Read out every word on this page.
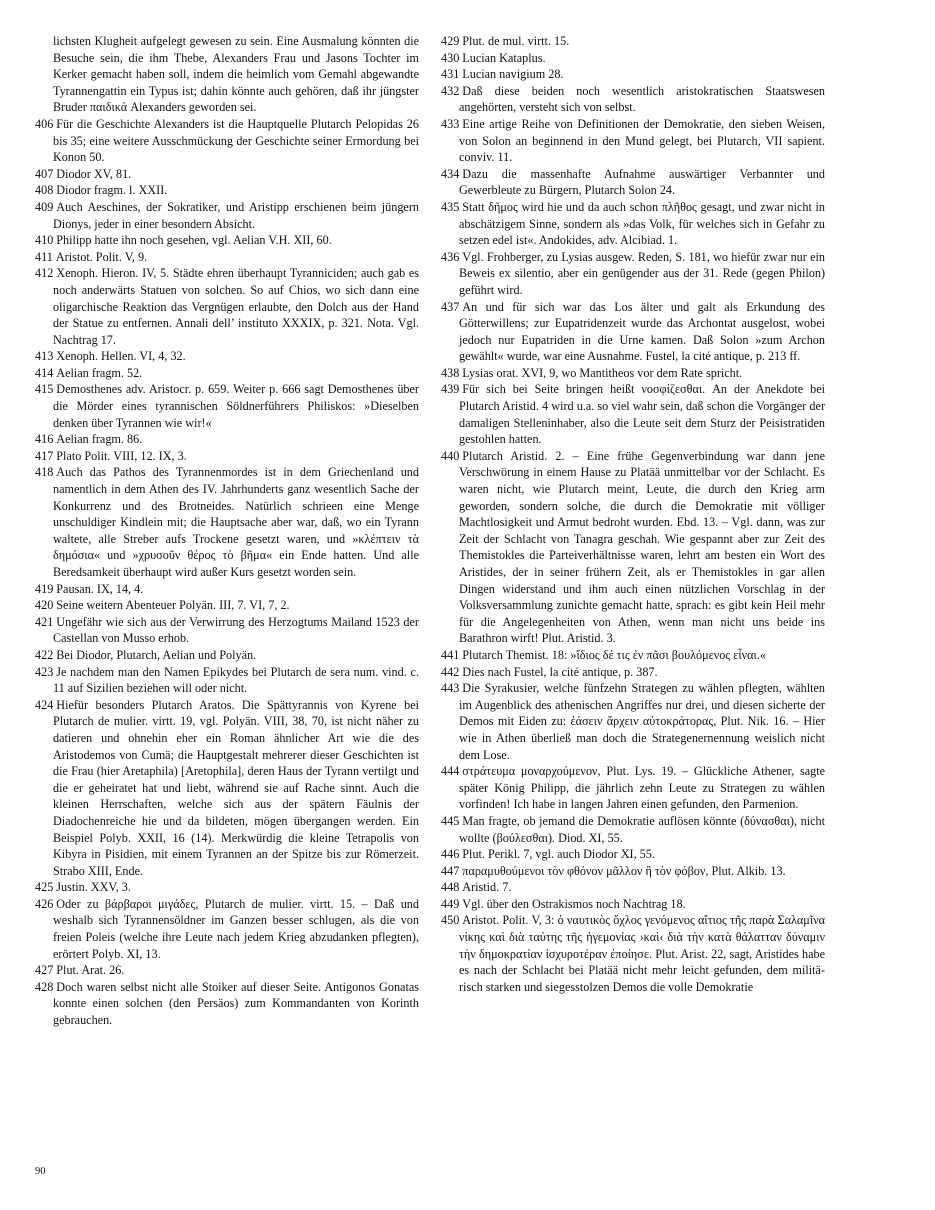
lichsten Klugheit aufgelegt gewesen zu sein. Eine Ausmalung könnten die Besuche sein, die ihm Thebe, Alexanders Frau und Jasons Tochter im Kerker gemacht haben soll, indem die heimlich vom Gemahl abgewandte Tyrannengattin ein Typus ist; dahin könnte auch gehören, daß ihr jüngster Bruder παιδικά Alexanders geworden sei.

406 Für die Geschichte Alexanders ist die Hauptquelle Plutarch Pelopidas 26 bis 35; eine weitere Ausschmückung der Geschichte seiner Ermordung bei Konon 50.

407 Diodor XV, 81.

408 Diodor fragm. l. XXII.

409 Auch Aeschines, der Sokratiker, und Aristipp erschienen beim jüngern Dionys, jeder in einer besondern Absicht.

410 Philipp hatte ihn noch gesehen, vgl. Aelian V.H. XII, 60.

411 Aristot. Polit. V, 9.

412 Xenoph. Hieron. IV, 5. Städte ehren überhaupt Tyranniciden; auch gab es noch anderwärts Statuen von solchen. So auf Chios, wo sich dann eine oligarchische Reaktion das Vergnügen erlaubte, den Dolch aus der Hand der Statue zu entfernen. Annali dell’ instituto XXXIX, p. 321. Nota. Vgl. Nachtrag 17.

413 Xenoph. Hellen. VI, 4, 32.

414 Aelian fragm. 52.

415 Demosthenes adv. Aristocr. p. 659. Weiter p. 666 sagt Demosthenes über die Mörder eines tyrannischen Söldnerführers Philiskos: »Dieselben denken über Tyrannen wie wir!«

416 Aelian fragm. 86.

417 Plato Polit. VIII, 12. IX, 3.

418 Auch das Pathos des Tyrannenmordes ist in dem Griechenland und namentlich in dem Athen des IV. Jahrhunderts ganz wesentlich Sache der Konkurrenz und des Brotneides. Natürlich schrieen eine Menge unschuldiger Kindlein mit; die Hauptsache aber war, daß, wo ein Tyrann waltete, alle Streber aufs Trockene gesetzt waren, und »κλέπτειν τὰ δημόσια« und »χρυσοῦν θέρος τὸ βῆμα« ein Ende hatten. Und alle Beredsamkeit überhaupt wird außer Kurs gesetzt worden sein.

419 Pausan. IX, 14, 4.

420 Seine weitern Abenteuer Polyän. III, 7. VI, 7, 2.

421 Ungefähr wie sich aus der Verwirrung des Herzogtums Mailand 1523 der Castellan von Musso erhob.

422 Bei Diodor, Plutarch, Aelian und Polyän.

423 Je nachdem man den Namen Epikydes bei Plutarch de sera num. vind. c. 11 auf Sizilien beziehen will oder nicht.

424 Hiefür besonders Plutarch Aratos. Die Spättyrannis von Kyrene bei Plutarch de mulier. virtt. 19, vgl. Polyän. VIII, 38, 70, ist nicht näher zu datieren und ohnehin eher ein Roman ähnlicher Art wie die des Aristodemos von Cumä; die Hauptgestalt mehrerer dieser Geschichten ist die Frau (hier Aretaphila) [Aretophila], deren Haus der Tyrann vertilgt und die er geheiratet hat und liebt, während sie auf Rache sinnt. Auch die kleinen Herrschaften, welche sich aus der spätern Fäulnis der Diadochenreiche hie und da bildeten, mögen übergangen werden. Ein Beispiel Polyb. XXII, 16 (14). Merkwürdig die kleine Tetrapolis von Kibyra in Pisidien, mit einem Tyrannen an der Spitze bis zur Römerzeit. Strabo XIII, Ende.

425 Justin. XXV, 3.

426 Oder zu βάρβαροι μιγάδες, Plutarch de mulier. virtt. 15. – Daß und weshalb sich Tyrannensöldner im Ganzen besser schlugen, als die von freien Poleis (welche ihre Leute nach jedem Krieg abzudanken pflegten), erörtert Polyb. XI, 13.

427 Plut. Arat. 26.

428 Doch waren selbst nicht alle Stoiker auf dieser Seite. Antigonos Gonatas konnte einen solchen (den Persäos) zum Kommandanten von Korinth gebrauchen.

429 Plut. de mul. virtt. 15.

430 Lucian Kataplus.

431 Lucian navigium 28.

432 Daß diese beiden noch wesentlich aristokratischen Staatswesen angehörten, versteht sich von selbst.

433 Eine artige Reihe von Definitionen der Demokratie, den sieben Weisen, von Solon an beginnend in den Mund gelegt, bei Plutarch, VII sapient. conviv. 11.

434 Dazu die massenhafte Aufnahme auswärtiger Verbannter und Gewerbleute zu Bürgern, Plutarch Solon 24.

435 Statt δῆμος wird hie und da auch schon πλῆθος gesagt, und zwar nicht in abschätzigem Sinne, sondern als »das Volk, für welches sich in Gefahr zu setzen edel ist«. Andokides, adv. Alcibiad. 1.

436 Vgl. Frohberger, zu Lysias ausgew. Reden, S. 181, wo hiefür zwar nur ein Beweis ex silentio, aber ein genügender aus der 31. Rede (gegen Philon) geführt wird.

437 An und für sich war das Los älter und galt als Erkundung des Götterwillens; zur Eupatridenzeit wurde das Archontat ausgelost, wobei jedoch nur Eupatriden in die Urne kamen. Daß Solon »zum Archon gewählt« wurde, war eine Ausnahme. Fustel, la cité antique, p. 213 ff.

438 Lysias orat. XVI, 9, wo Mantitheos vor dem Rate spricht.

439 Für sich bei Seite bringen heißt νοσφίζεσθαι. An der Anekdote bei Plutarch Aristid. 4 wird u.a. so viel wahr sein, daß schon die Vorgänger der damaligen Stelleninhaber, also die Leute seit dem Sturz der Peisistratiden gestohlen hatten.

440 Plutarch Aristid. 2. – Eine frühe Gegenverbindung war dann jene Verschwörung in einem Hause zu Platää unmittelbar vor der Schlacht. Es waren nicht, wie Plutarch meint, Leute, die durch den Krieg arm geworden, sondern solche, die durch die Demokratie mit völliger Machtlosigkeit und Armut bedroht wurden. Ebd. 13. – Vgl. dann, was zur Zeit der Schlacht von Tanagra geschah. Wie gespannt aber zur Zeit des Themistokles die Parteiverhältnisse waren, lehrt am besten ein Wort des Aristides, der in seiner frühern Zeit, als er Themistokles in gar allen Dingen widerstand und ihm auch einen nützlichen Vorschlag in der Volksversammlung zunichte gemacht hatte, sprach: es gibt kein Heil mehr für die Angelegenheiten von Athen, wenn man nicht uns beide ins Barathron wirft! Plut. Aristid. 3.

441 Plutarch Themist. 18: »ἴδιος δέ τις ἐν πᾶσι βουλόμενος εἶναι.«

442 Dies nach Fustel, la cité antique, p. 387.

443 Die Syrakusier, welche fünfzehn Strategen zu wählen pflegten, wählten im Augenblick des athenischen Angriffes nur drei, und diesen sicherte der Demos mit Eiden zu: ἐάσειν ἄρχειν αὐτοκράτορας, Plut. Nik. 16. – Hier wie in Athen überließ man doch die Strategenernennung weislich nicht dem Lose.

444 στράτευμα μοναρχούμενον, Plut. Lys. 19. – Glückliche Athener, sagte später König Philipp, die jährlich zehn Leute zu Strategen zu wählen vorfinden! Ich habe in langen Jahren einen gefunden, den Parmenion.

445 Man fragte, ob jemand die Demokratie auflösen könnte (δύνασθαι), nicht wollte (βούλεσθαι). Diod. XI, 55.

446 Plut. Perikl. 7, vgl. auch Diodor XI, 55.

447 παραμυθούμενοι τὸν φθόνον μᾶλλον ἢ τὸν φόβον, Plut. Alkib. 13.

448 Aristid. 7.

449 Vgl. über den Ostrakismos noch Nachtrag 18.

450 Aristot. Polit. V, 3: ὁ ναυτικὸς ὄχλος γενόμενος αἴτιος τῆς παρὰ Σαλαμῖνα νίκης καὶ διὰ ταύτης τῆς ἡγεμονίας ›καὶ‹ διὰ τὴν κατὰ θάλατταν δύναμιν τὴν δημοκρατίαν ἰσχυροτέραν ἐποίησε. Plut. Arist. 22, sagt, Aristides habe es nach der Schlacht bei Platää nicht mehr leicht gefunden, dem militärisch starken und siegesstolzen Demos die volle Demokratie

90
